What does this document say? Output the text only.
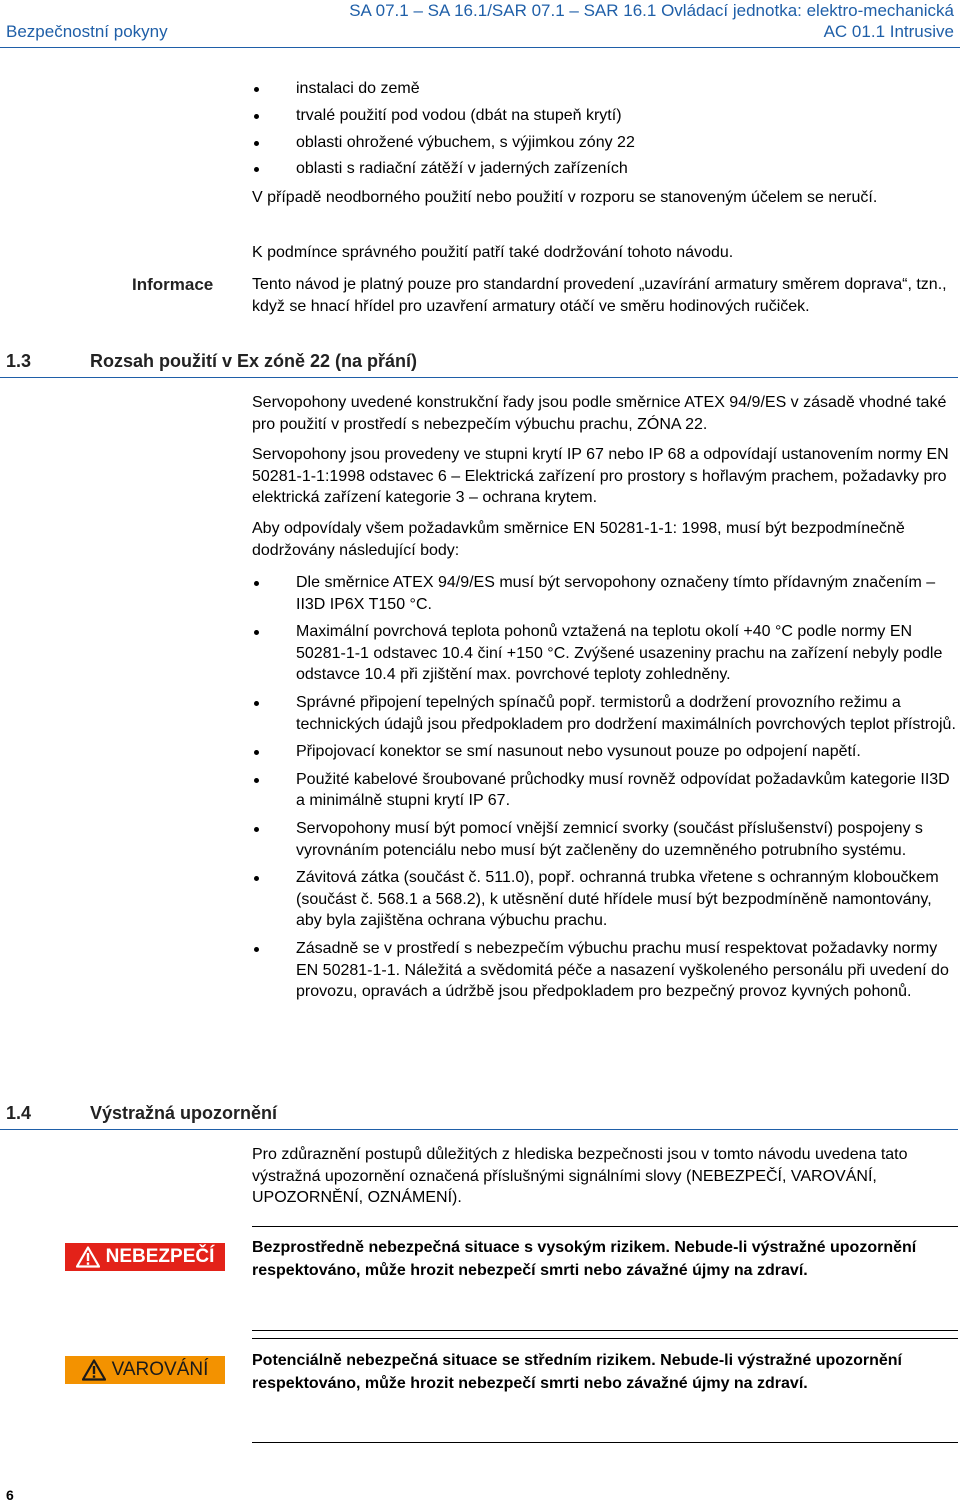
Bezpečnostní pokyny
SA 07.1 – SA 16.1/SAR 07.1 – SAR 16.1 Ovládací jednotka: elektro-mechanická
AC 01.1 Intrusive
instalaci do země
trvalé použití pod vodou (dbát na stupeň krytí)
oblasti ohrožené výbuchem, s výjimkou zóny 22
oblasti s radiační zátěží v jaderných zařízeních

V případě neodborného použití nebo použití v rozporu se stanoveným účelem se neručí.

K podmínce správného použití patří také dodržování tohoto návodu.

Informace Tento návod je platný pouze pro standardní provedení „uzavírání armatury směrem doprava“, tzn., když se hnací hřídel pro uzavření armatury otáčí ve směru hodinových ručiček.

1.3	Rozsah použití v Ex zóně 22 (na přání)

Servopohony uvedené konstrukční řady jsou podle směrnice ATEX 94/9/ES v zásadě vhodné také pro použití v prostředí s nebezpečím výbuchu prachu, ZÓNA 22.

Servopohony jsou provedeny ve stupni krytí IP 67 nebo IP 68 a odpovídají ustanovením normy EN 50281-1-1:1998 odstavec 6 – Elektrická zařízení pro prostory s hořlavým prachem, požadavky pro elektrická zařízení kategorie 3 – ochrana krytem.

Aby odpovídaly všem požadavkům směrnice EN 50281-1-1: 1998, musí být bezpodmínečně dodržovány následující body:

Dle směrnice ATEX 94/9/ES musí být servopohony označeny tímto přídavným značením – II3D IP6X T150 °C.
Maximální povrchová teplota pohonů vztažená na teplotu okolí +40 °C podle normy EN 50281-1-1 odstavec 10.4 činí +150 °C. Zvýšené usazeniny prachu na zařízení nebyly podle odstavce 10.4 při zjištění max. povrchové teploty zohledněny.
Správné připojení tepelných spínačů popř. termistorů a dodržení provozního režimu a technických údajů jsou předpokladem pro dodržení maximálních povrchových teplot přístrojů.
Připojovací konektor se smí nasunout nebo vysunout pouze po odpojení napětí.
Použité kabelové šroubované průchodky musí rovněž odpovídat požadavkům kategorie II3D a minimálně stupni krytí IP 67.
Servopohony musí být pomocí vnější zemnicí svorky (součást příslušenství) pospojeny s vyrovnáním potenciálu nebo musí být začleněny do uzemněného potrubního systému.
Závitová zátka (součást č. 511.0), popř. ochranná trubka vřetene s ochranným kloboučkem (součást č. 568.1 a 568.2), k utěsnění duté hřídele musí být bezpodmíněně namontovány, aby byla zajištěna ochrana výbuchu prachu.
Zásadně se v prostředí s nebezpečím výbuchu prachu musí respektovat požadavky normy EN 50281-1-1. Náležitá a svědomitá péče a nasazení vyškoleného personálu při uvedení do provozu, opravách a údržbě jsou předpokladem pro bezpečný provoz kyvných pohonů.
1.4	Výstražná upozornění

Pro zdůraznění postupů důležitých z hlediska bezpečnosti jsou v tomto návodu uvedena tato výstražná upozornění označená příslušnými signálními slovy (NEBEZPEČÍ, VAROVÁNÍ, UPOZORNĚNÍ, OZNÁMENÍ).

NEBEZPEČÍ Bezprostředně nebezpečná situace s vysokým rizikem. Nebude-li výstražné upozornění respektováno, může hrozit nebezpečí smrti nebo závažné újmy na zdraví.

VAROVÁNÍ	Potenciálně nebezpečná situace se středním rizikem. Nebude-li výstražné upozornění respektováno, může hrozit nebezpečí smrti nebo závažné újmy na zdraví.

6
